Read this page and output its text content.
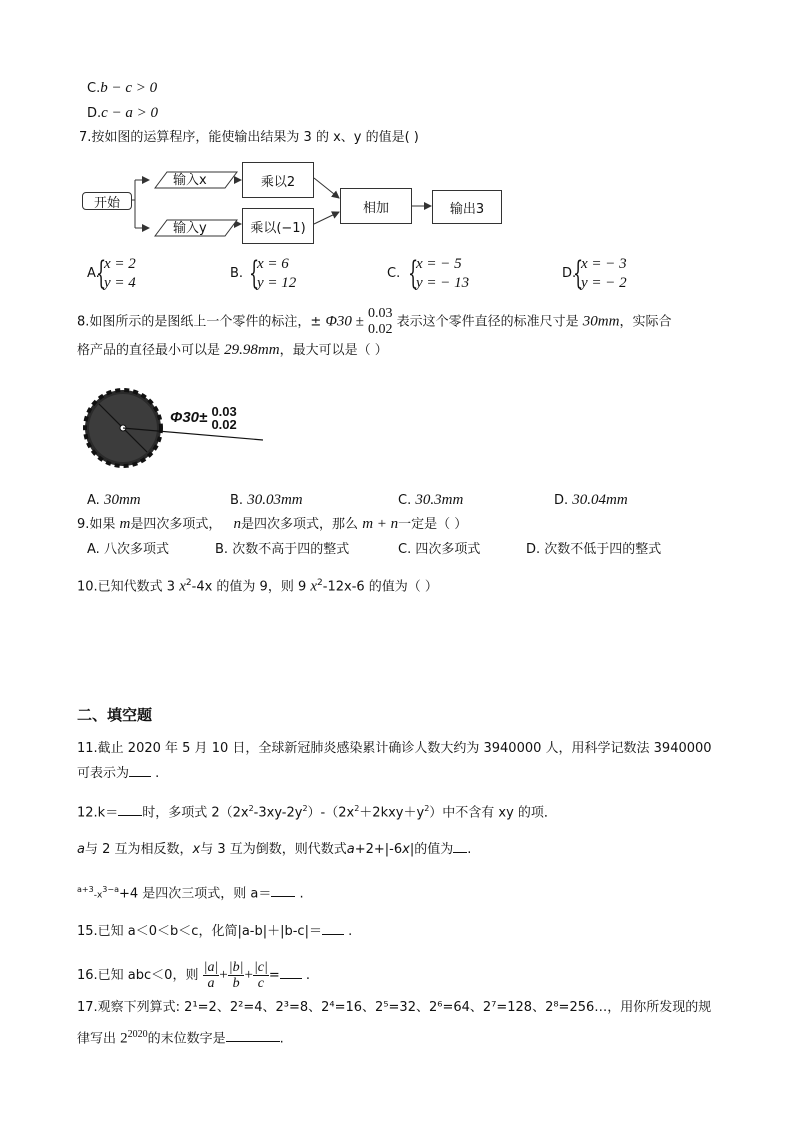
C.b − c > 0
D.c − a > 0
7.按如图的运算程序，能使输出结果为 3 的 x、y 的值是( )
开始
输入x
输入y
乘以2
乘以(−1)
相加	输出3
A.
{
x = 2
y = 4
B. {
x = 6
y = 12
C. {
x = − 5
y = − 13
D.
{
x = − 3
y = − 2
8.如图所示的是图纸上一个零件的标注，± Φ30 ± 0.03
0.02 表示这个零件直径的标准尺寸是 30mm，实际合
格产品的直径最小可以是 29.98mm，最大可以是（ ）
Φ30± 0.03
0.02
A. 30mm	B. 30.03mm	C. 30.3mm	D. 30.04mm
9.如果 m是四次多项式， n是四次多项式，那么 m + n一定是（ ）
A. 八次多项式	B. 次数不高于四的整式	C. 四次多项式	D. 次数不低于四的整式
10.已知代数式 3 $x^2-4x$ 的值为 9，则 9 $x^2-12x-6$ 的值为（ ）
二、填空题
11.截止 2020 年 5 月 10 日，全球新冠肺炎感染累计确诊人数大约为 3940000 人，用科学记数法 3940000
可表示为 .
12.k＝ 时，多项式 $2(2x^2-3xy-2y^2)-(2x^2+2kxy+y^2)$中不含有 xy 的项．
a与 2 互为相反数，x与 3 互为倒数，则代数式a+2+|-6x|的值为 .
$^{a+3}-x^{3-a}+4$ 是四次三项式，则 a＝ .
15.已知 a＜0＜b＜c，化简|a-b|＋|b-c|＝ .
16.已知 abc＜0，则 $\frac{|a|}{a} + \frac{|b|}{b} + \frac{|c|}{c}$ = .
17.观察下列算式: 2¹=2、2²=4、2³=8、2⁴=16、2⁵=32、2⁶=64、2⁷=128、2⁸=256…，用你所发现的规
律写出 $2^{2020}$的末位数字是	.
